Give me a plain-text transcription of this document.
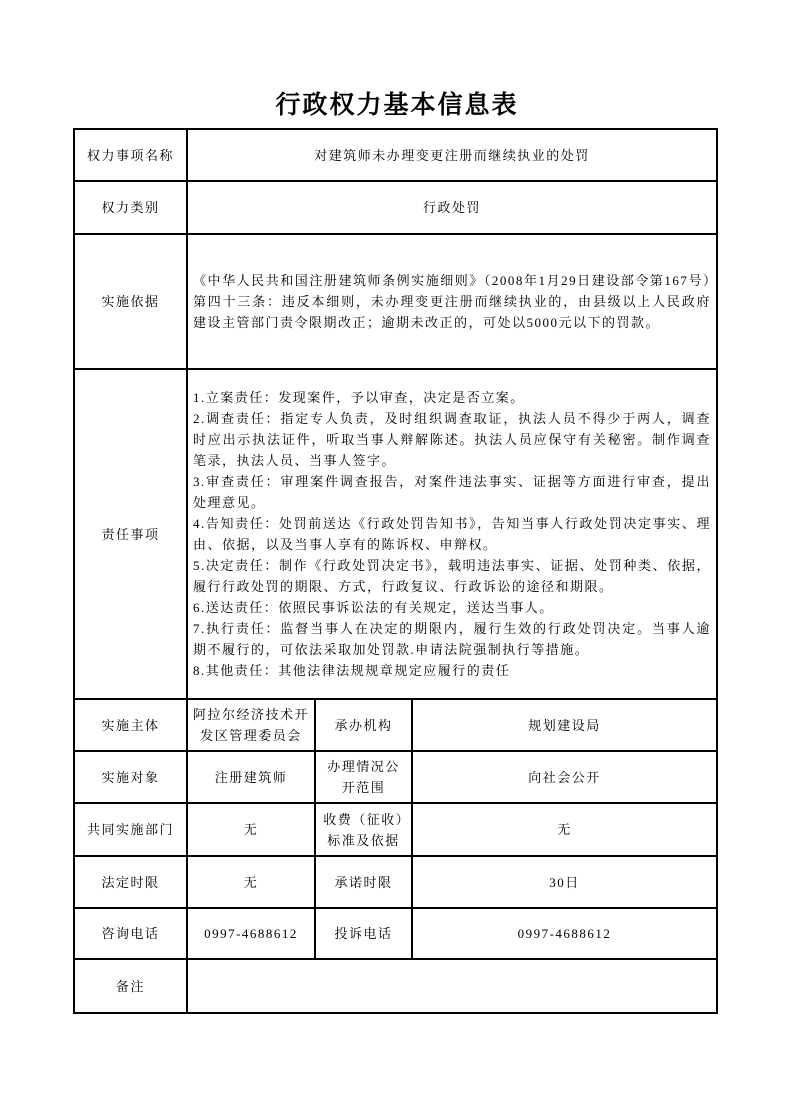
行政权力基本信息表
权力事项名称	对建筑师未办理变更注册而继续执业的处罚		
权力类别	行政处罚		
实施依据	《中华人民共和国注册建筑师条例实施细则》（2008年1月29日建设部令第167号）第四十三条：违反本细则，未办理变更注册而继续执业的，由县级以上人民政府建设主管部门责令限期改正；逾期未改正的，可处以5000元以下的罚款。		
责任事项	
1.立案责任：发现案件，予以审查，决定是否立案。
2.调查责任：指定专人负责，及时组织调查取证，执法人员不得少于两人，调查时应出示执法证件，听取当事人辩解陈述。执法人员应保守有关秘密。制作调查笔录，执法人员、当事人签字。
3.审查责任：审理案件调查报告，对案件违法事实、证据等方面进行审查，提出处理意见。
4.告知责任：处罚前送达《行政处罚告知书》，告知当事人行政处罚决定事实、理由、依据，以及当事人享有的陈诉权、申辩权。
5.决定责任：制作《行政处罚决定书》，载明违法事实、证据、处罚种类、依据，履行行政处罚的期限、方式，行政复议、行政诉讼的途径和期限。
6.送达责任：依照民事诉讼法的有关规定，送达当事人。
7.执行责任：监督当事人在决定的期限内，履行生效的行政处罚决定。当事人逾期不履行的，可依法采取加处罚款.申请法院强制执行等措施。
8.其他责任：其他法律法规规章规定应履行的责任

实施主体	阿拉尔经济技术开发区管理委员会	承办机构	规划建设局
实施对象	注册建筑师	办理情况公开范围	向社会公开
共同实施部门	无	收费（征收）标准及依据	无
法定时限	无	承诺时限	30日
咨询电话	0997-4688612	投诉电话	0997-4688612
备注			
